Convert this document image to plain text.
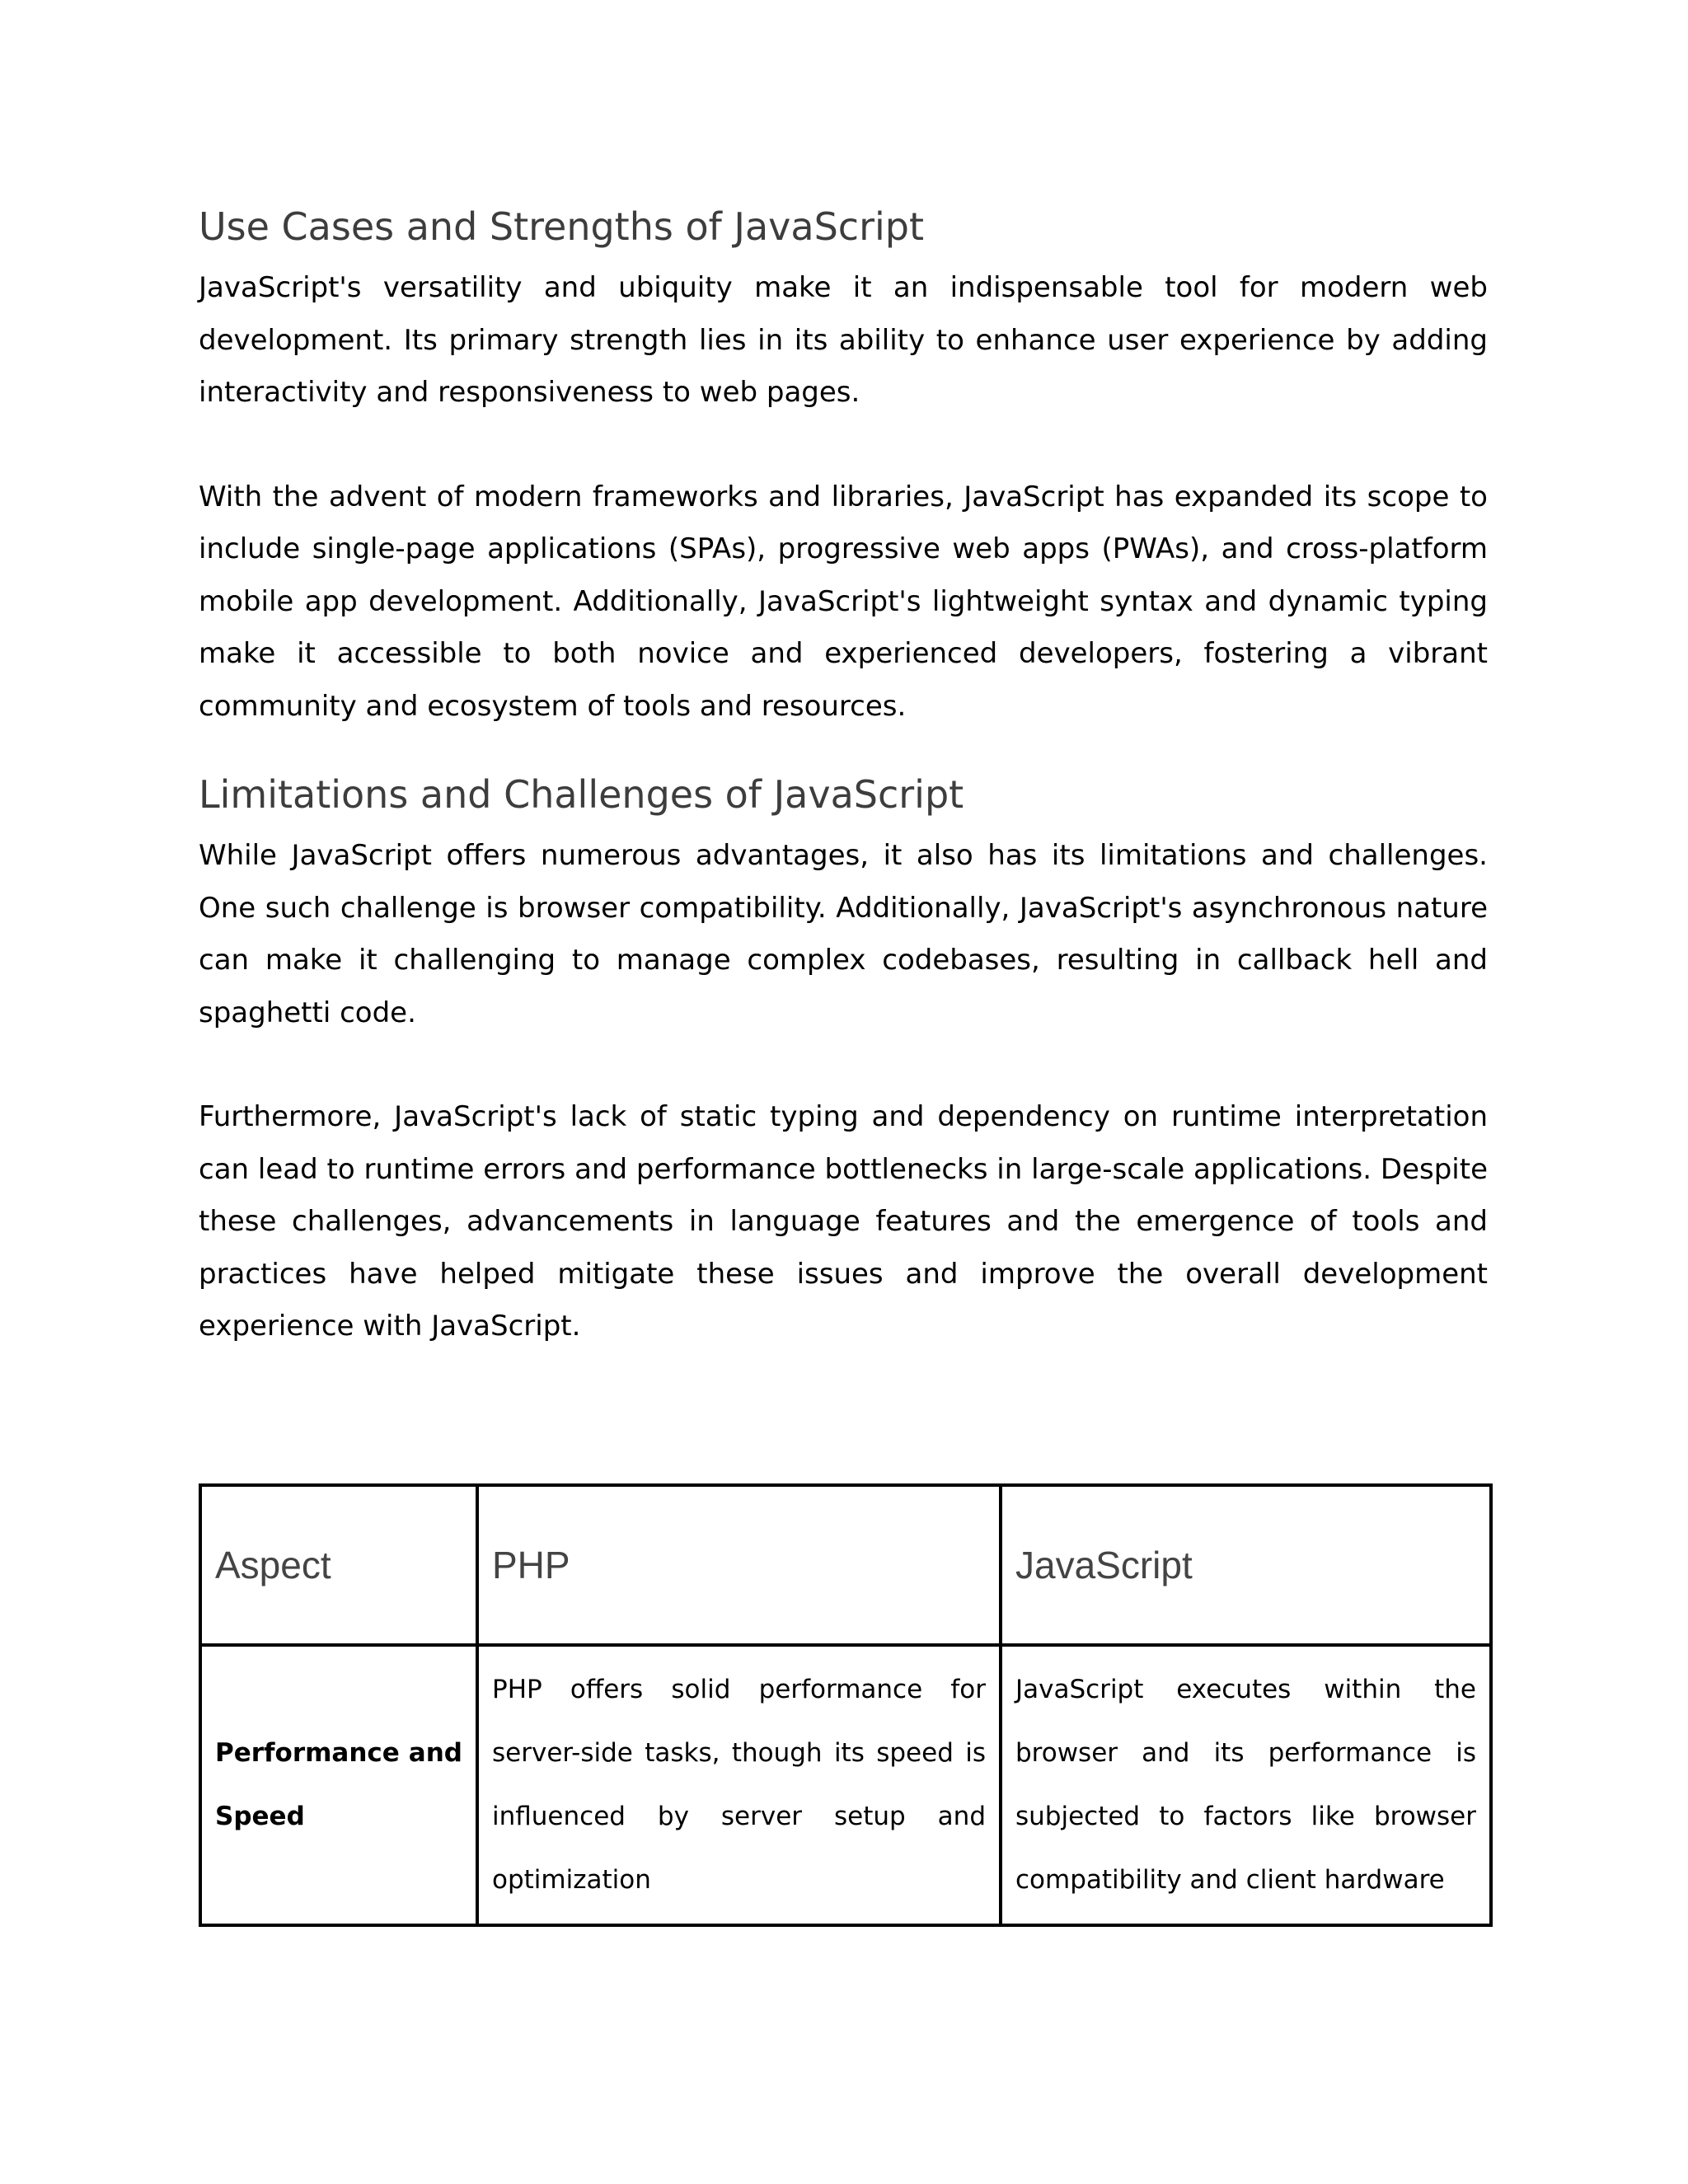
Use Cases and Strengths of JavaScript

JavaScript's versatility and ubiquity make it an indispensable tool for modern web development. Its primary strength lies in its ability to enhance user experience by adding interactivity and responsiveness to web pages.

With the advent of modern frameworks and libraries, JavaScript has expanded its scope to include single-page applications (SPAs), progressive web apps (PWAs), and cross-platform mobile app development. Additionally, JavaScript's lightweight syntax and dynamic typing make it accessible to both novice and experienced developers, fostering a vibrant community and ecosystem of tools and resources.

Limitations and Challenges of JavaScript

While JavaScript offers numerous advantages, it also has its limitations and challenges. One such challenge is browser compatibility. Additionally, JavaScript's asynchronous nature can make it challenging to manage complex codebases, resulting in callback hell and spaghetti code.

Furthermore, JavaScript's lack of static typing and dependency on runtime interpretation can lead to runtime errors and performance bottlenecks in large-scale applications. Despite these challenges, advancements in language features and the emergence of tools and practices have helped mitigate these issues and improve the overall development experience with JavaScript.

Aspect	PHP	JavaScript
Performance and Speed	PHP offers solid performance for server-side tasks, though its speed is influenced by server setup and optimization	JavaScript executes within the browser and its performance is subjected to factors like browser compatibility and client hardware
